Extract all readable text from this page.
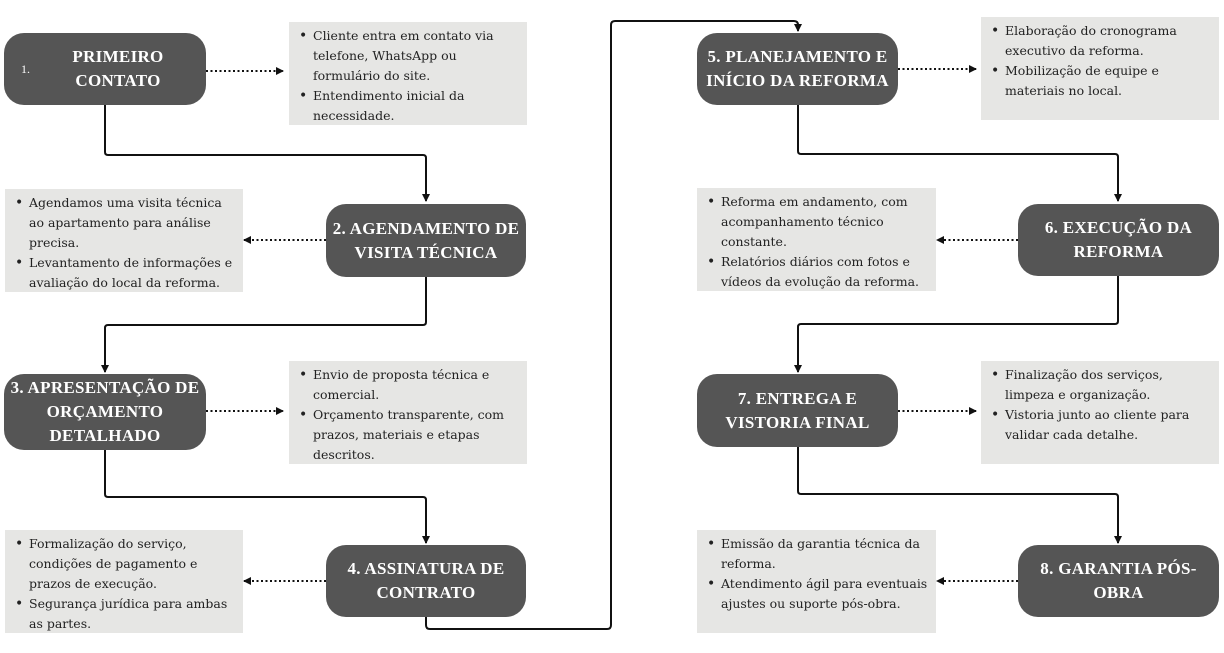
1.
PRIMEIRO CONTATO
• Cliente entra em contato via telefone, WhatsApp ou formulário do site.
• Entendimento inicial da necessidade.
2. AGENDAMENTO DE VISITA TÉCNICA
• Agendamos uma visita técnica ao apartamento para análise precisa.
• Levantamento de informações e avaliação do local da reforma.
3. APRESENTAÇÃO DE ORÇAMENTO DETALHADO
• Envio de proposta técnica e comercial.
• Orçamento transparente, com prazos, materiais e etapas descritos.
4. ASSINATURA DE CONTRATO
• Formalização do serviço, condições de pagamento e prazos de execução.
• Segurança jurídica para ambas as partes.
5. PLANEJAMENTO E INÍCIO DA REFORMA
• Elaboração do cronograma executivo da reforma.
• Mobilização de equipe e materiais no local.
6. EXECUÇÃO DA REFORMA
• Reforma em andamento, com acompanhamento técnico constante.
• Relatórios diários com fotos e vídeos da evolução da reforma.
7. ENTREGA E VISTORIA FINAL
• Finalização dos serviços, limpeza e organização.
• Vistoria junto ao cliente para validar cada detalhe.
8. GARANTIA PÓS-OBRA
• Emissão da garantia técnica da reforma.
• Atendimento ágil para eventuais ajustes ou suporte pós-obra.
